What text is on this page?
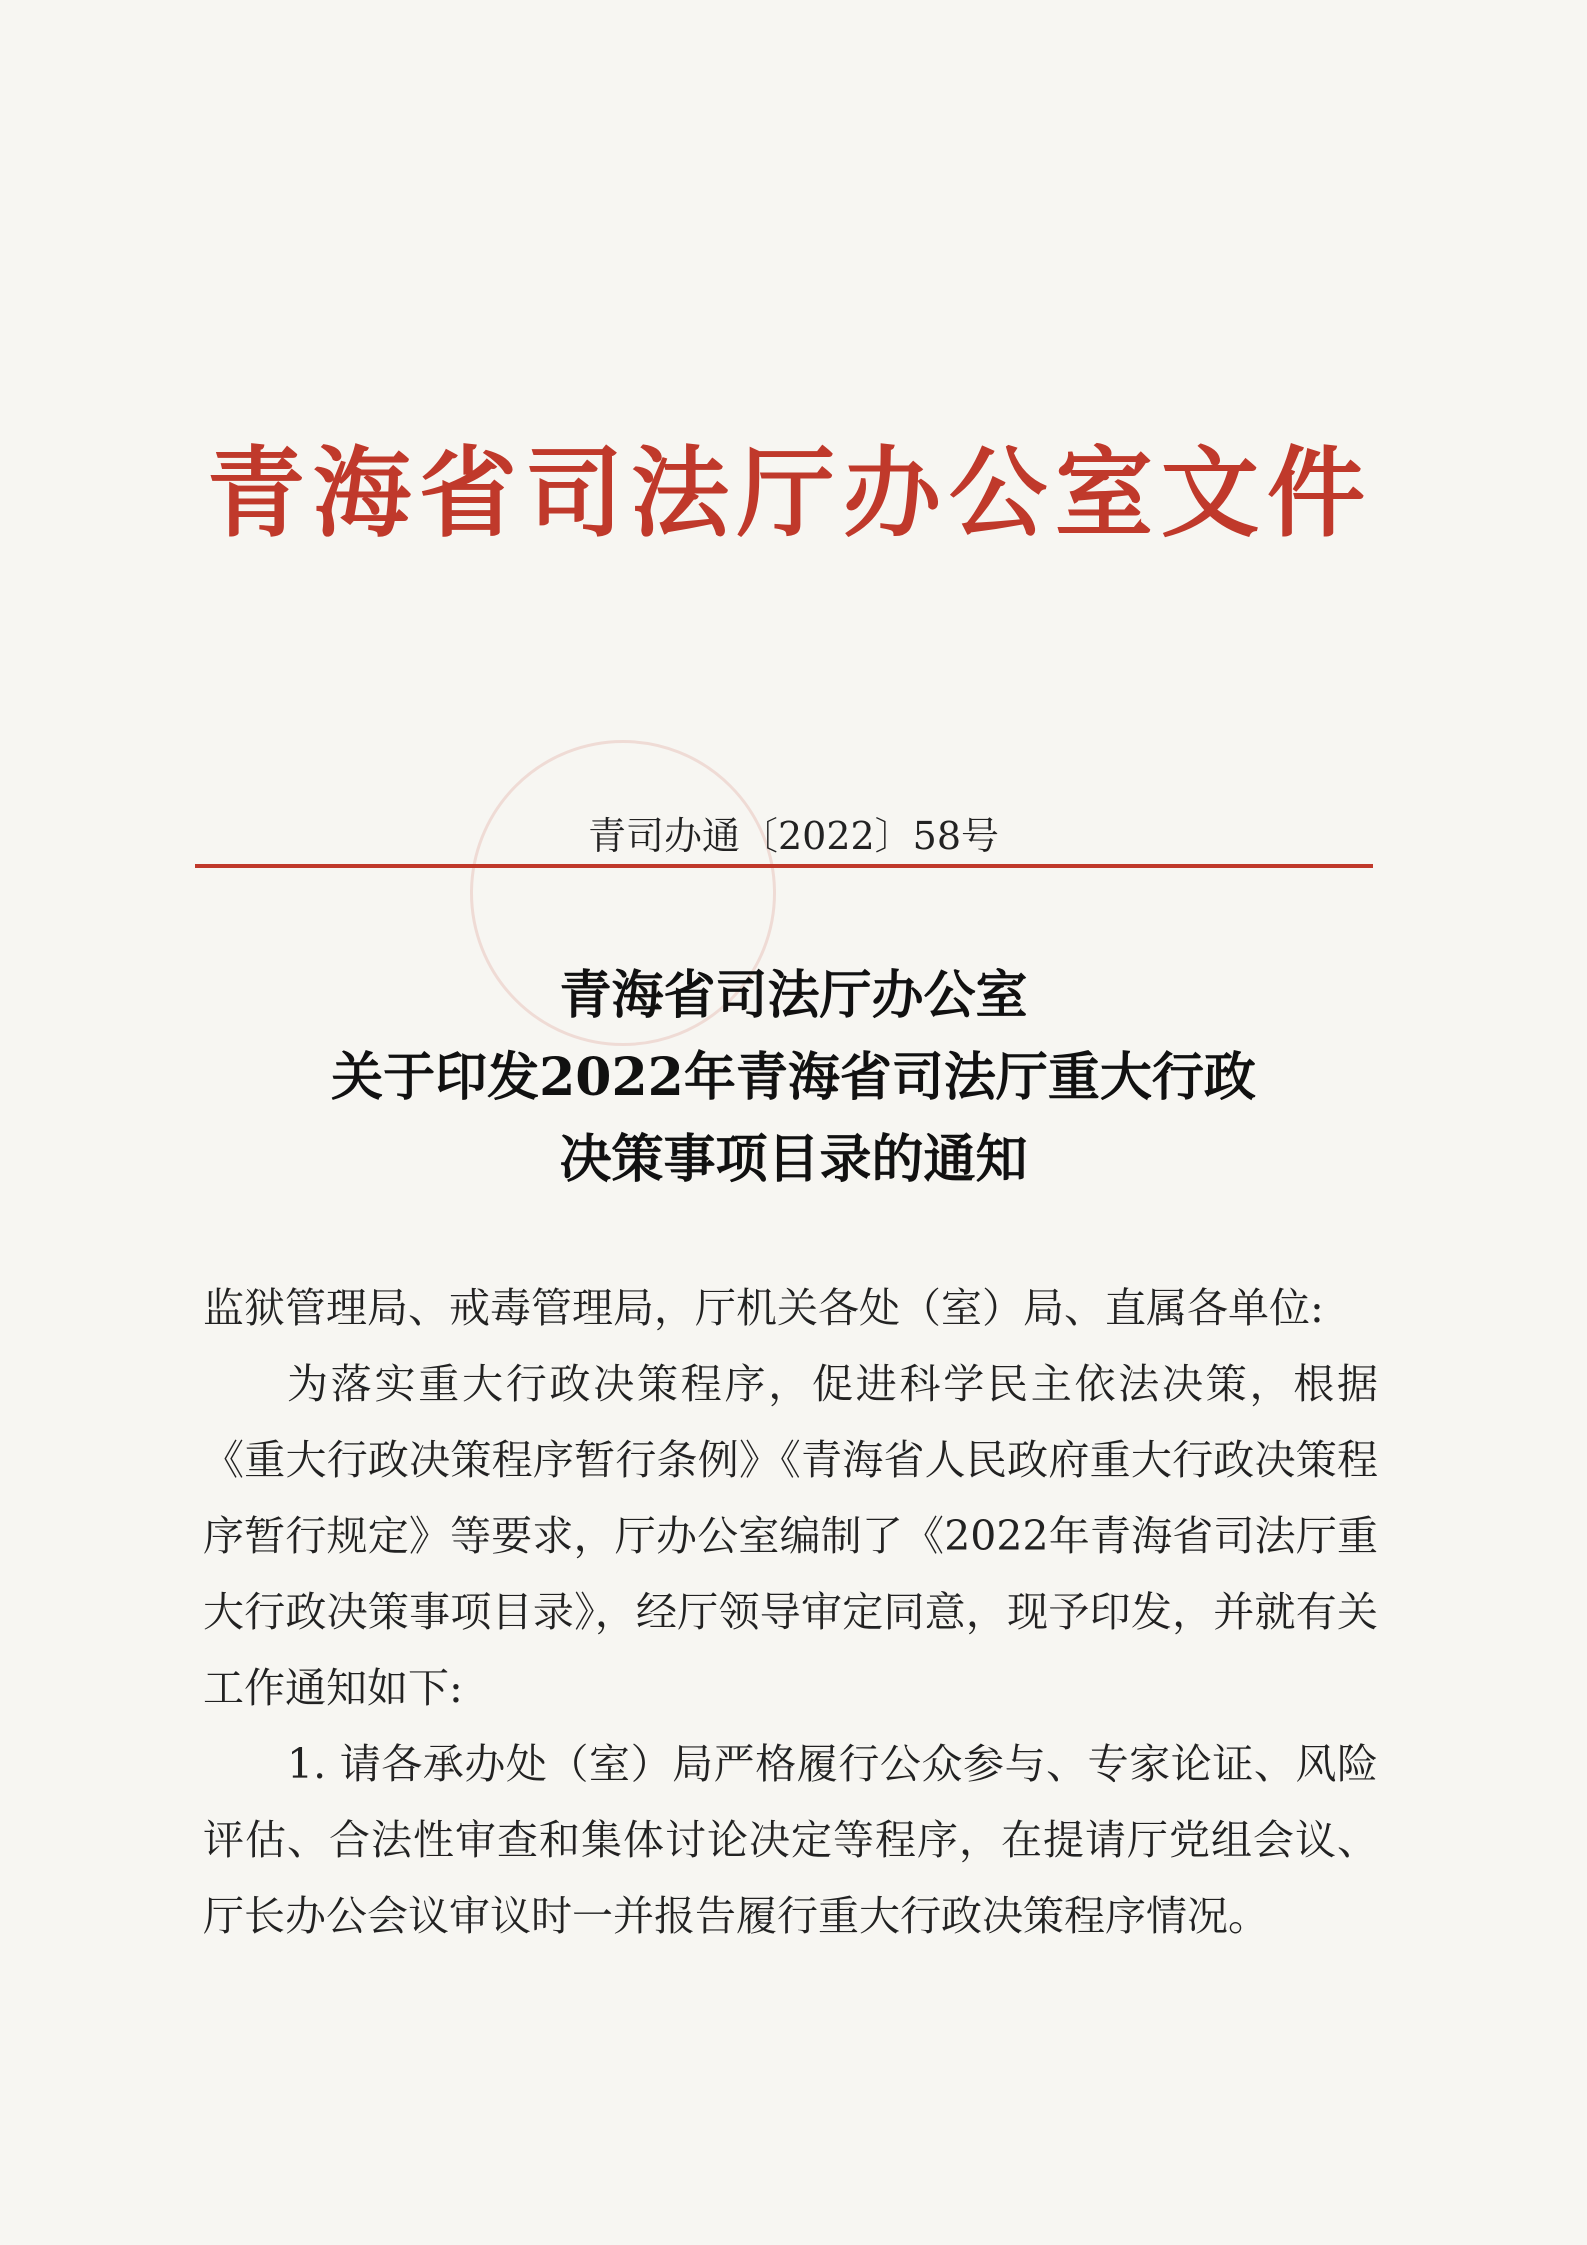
青海省司法厅办公室文件
青司办通〔2022〕58号
青海省司法厅办公室
关于印发2022年青海省司法厅重大行政
决策事项目录的通知

监狱管理局、戒毒管理局，厅机关各处（室）局、直属各单位:

为落实重大行政决策程序，促进科学民主依法决策，根据《重大行政决策程序暂行条例》《青海省人民政府重大行政决策程序暂行规定》等要求，厅办公室编制了《2022年青海省司法厅重大行政决策事项目录》，经厅领导审定同意，现予印发，并就有关工作通知如下:

1. 请各承办处（室）局严格履行公众参与、专家论证、风险评估、合法性审查和集体讨论决定等程序，在提请厅党组会议、厅长办公会议审议时一并报告履行重大行政决策程序情况。
